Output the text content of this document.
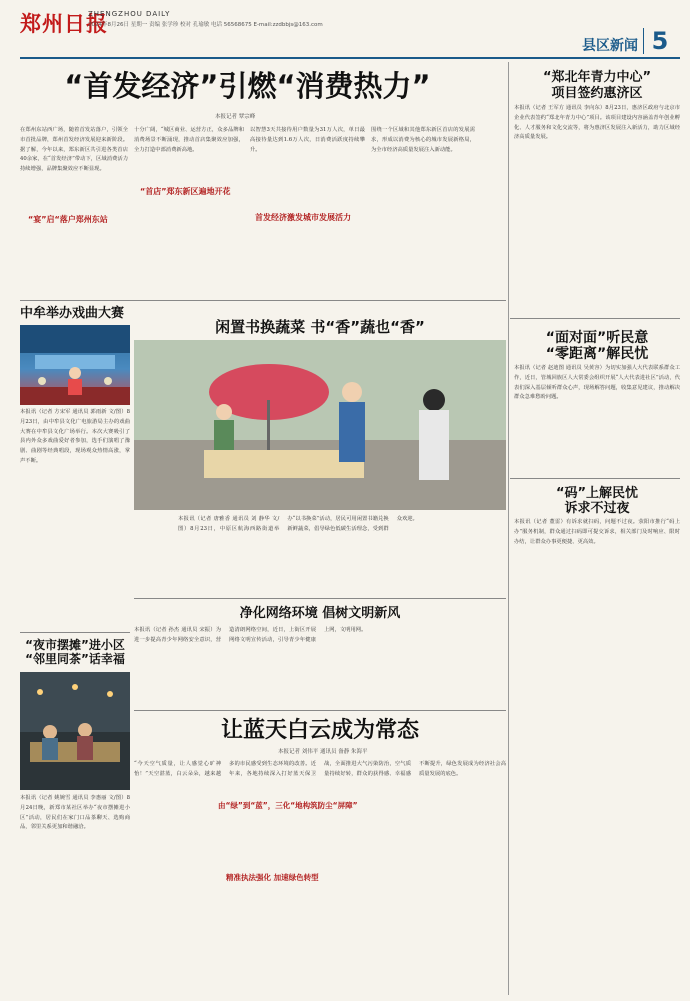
郑州日报
ZHENGZHOU DAILY
2024年8月26日 星期一 责编 张学珍 校对 孔瑜敏 电话 56568675 E-mail:zzdbbjs@163.com
县区新闻 5
“首发经济”引燃“消费热力”
本报记者 覃宗峰
在郑州东站西广场，随着首发站落户，引领全市首批品牌，郑州首发经济发展迎来新阶段。据了解，今年以来，郑东新区共引进各类首店40余家，在“首发经济”带动下，区域消费活力持续增强，品牌集聚效应不断显现。
“宴”启“落户郑州东站
十分广阔，“城区商业、运营方正，众多品牌和消费场景不断涌现，推动首店集聚效应加强，全力打造中部消费新高地。
“首店”郑东新区遍地开花
以智慧3天共接待用户数量为31万人次，单日最高接待量达到1.6万人次，日消费活跃度持续攀升。
首发经济激发城市发展活力
围绕一个区域和其他郑东新区首店的发展需求，形成以消费为核心的城市发展新格局，为全市经济高质量发展注入新动能。
“郑北年青力中心”
项目签约惠济区
本报讯（记者 王军方 通讯员 李向东）8月23日，惠济区政府与北京市企业代表签约“郑北年青力中心”项目。该项目建设内容涵盖青年创业孵化、人才服务和文化交流等，将为惠济区发展注入新活力，助力区域经济高质量发展。
中牟举办戏曲大赛
本报讯（记者 方宋军 通讯员 郭雨新 文/图）8月23日，由中牟县文化广电旅游局主办的戏曲大赛在中牟县文化广场举行。本次大赛吸引了县内外众多戏曲爱好者参加，选手们演唱了豫剧、曲剧等经典唱段，现场观众热情高涨，掌声不断。
闲置书换蔬菜 书“香”蔬也“香”
本报讯（记者 唐雅香 通讯员 刘 静华 文/图）8月23日，中原区航海西路街道举办“以书换菜”活动，居民可用闲置书籍兑换新鲜蔬菜，倡导绿色低碳生活理念，受到群众欢迎。
“面对面”听民意
“零距离”解民忧
本报讯（记者 赵迪图 通讯员 吴黄容）为切实加强人大代表联系群众工作，近日，管城回族区人大常委会组织开展“人大代表进社区”活动，代表们深入基层倾听群众心声，现场解答问题，收集意见建议，推动解决群众急难愁盼问题。
“码”上解民忧
诉求不过夜
本报讯（记者 董雷）有诉求就扫码，问题不过夜。荥阳市推行“码上办”服务机制，群众通过扫码即可提交诉求，相关部门及时响应、限时办结，让群众办事更便捷、更高效。
“夜市摆摊”进小区
“邻里同茶”话幸福
本报讯（记者 姚婉雪 通讯员 李惠丽 文/图）8月24日晚，新郑市某社区举办“夜市摆摊进小区”活动，居民们在家门口品茶聊天、选购商品，邻里关系更加和谐融洽。
净化网络环境 倡树文明新风
本报讯（记者 孙杰 通讯员 宋振）为进一步提高青少年网络安全意识，营造清朗网络空间，近日，上街区开展网络文明宣传活动，引导青少年健康上网，文明用网。
让蓝天白云成为常态
本报记者 刘伟平 通讯员 备静 朱海平
“今天空气质量，让人感觉心旷神怡！”天空湛蓝，白云朵朵，越来越多的市民感受到生态环境的改善。近年来，各地持续深入打好蓝天保卫战，全面推进大气污染防治，空气质量持续好转，群众的获得感、幸福感不断提升，绿色发展成为经济社会高质量发展的底色。
由“绿”到“蓝”，三化“地构筑防尘“屏障”
精准执法强化 加速绿色转型
